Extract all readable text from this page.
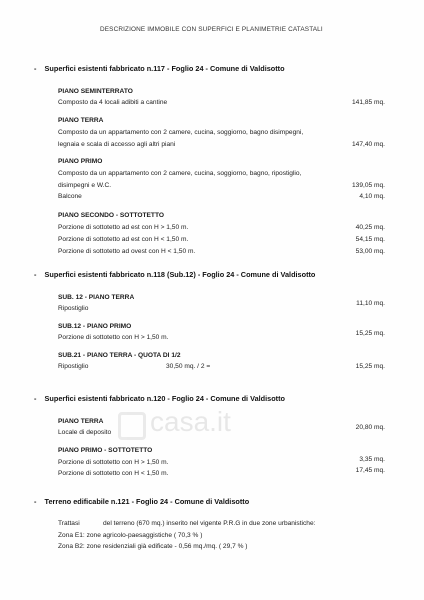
DESCRIZIONE IMMOBILE CON SUPERFICI E PLANIMETRIE CATASTALI
casa.it
-    Superfici esistenti fabbricato n.117 - Foglio 24 - Comune di Valdisotto
PIANO SEMINTERRATO
Composto da 4 locali adibiti a cantine	141,85 mq.
PIANO TERRA
Composto da un appartamento con 2 camere, cucina, soggiorno, bagno disimpegni,
legnaia e scala di accesso agli altri piani	147,40 mq.
PIANO PRIMO
Composto da un appartamento con 2 camere, cucina, soggiorno, bagno, ripostiglio,
disimpegni e W.C.	139,05 mq.
Balcone	4,10 mq.
PIANO SECONDO - SOTTOTETTO
Porzione di sottotetto ad est con H > 1,50 m.	40,25 mq.
Porzione di sottotetto ad est con H < 1,50 m.	54,15 mq.
Porzione di sottotetto ad ovest con H < 1,50 m.	53,00 mq.
-    Superfici esistenti fabbricato n.118 (Sub.12) - Foglio 24 - Comune di Valdisotto
SUB. 12 - PIANO TERRA
Ripostiglio
11,10 mq.
SUB.12 - PIANO PRIMO
Porzione di sottotetto con H > 1,50 m.
15,25 mq.
SUB.21 - PIANO TERRA - QUOTA DI 1/2
Ripostiglio	30,50 mq. / 2 =	15,25 mq.
-    Superfici esistenti fabbricato n.120 - Foglio 24 - Comune di Valdisotto
PIANO TERRA
Locale di deposito
20,80 mq.
PIANO PRIMO - SOTTOTETTO
Porzione di sottotetto con H > 1,50 m.	3,35 mq.
Porzione di sottotetto con H < 1,50 m.	17,45 mq.
-    Terreno edificabile n.121 - Foglio 24 - Comune di Valdisotto
Trattasi	del terreno (670 mq.) inserito nel vigente P.R.G in due zone urbanistiche:
Zona E1: zone agricolo-paesaggistiche ( 70,3 % )
Zona B2: zone residenziali già edificate - 0,56 mq./mq. ( 29,7 % )
